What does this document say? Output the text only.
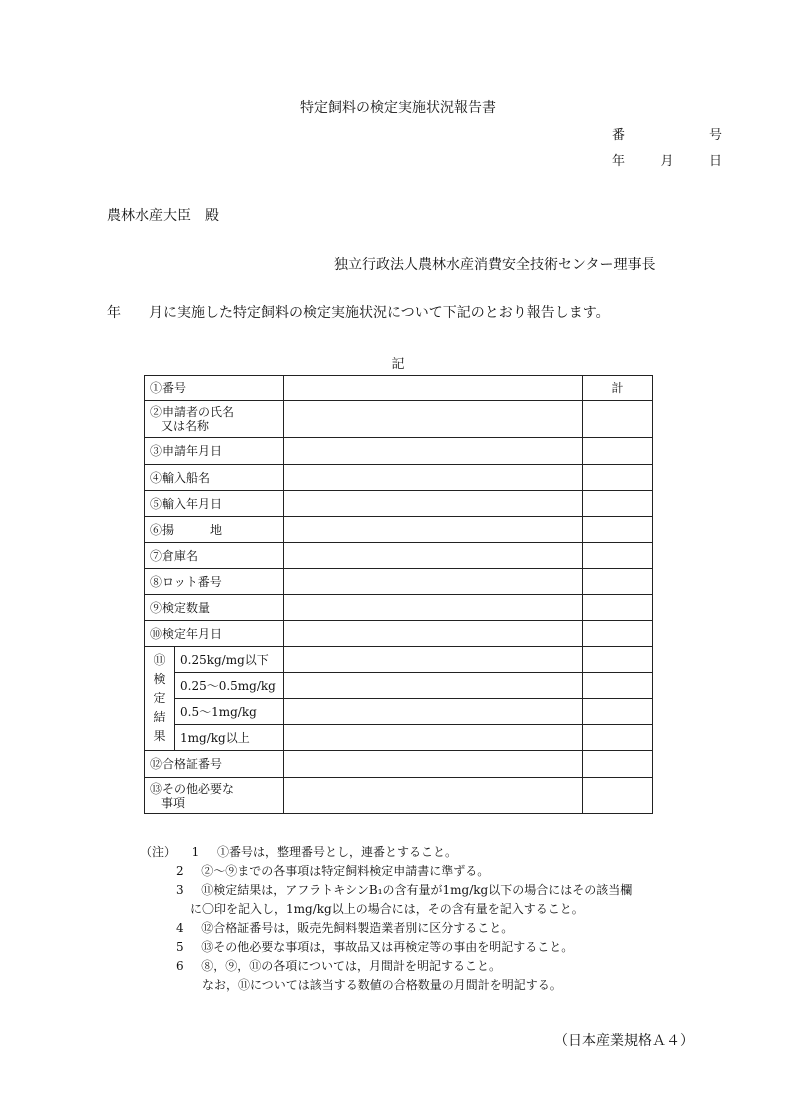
特定飼料の検定実施状況報告書
番	号
年	月	日
農林水産大臣　殿
独立行政法人農林水産消費安全技術センター理事長
年　　月に実施した特定飼料の検定実施状況について下記のとおり報告します。
記
①番号			計

②申請者の氏名
又は名称			

③申請年月日			
④輸入船名			
⑤輸入年月日			
⑥揚　　　地			
⑦倉庫名			
⑧ロット番号			
⑨検定数量			
⑩検定年月日			

⑪
検
定
結
果	0.25kg/mg以下		
	0.25～0.5mg/kg		
	0.5～1mg/kg		
	1mg/kg以上		
⑫合格証番号			

⑬その他必要な
事項			

（注） 1 ①番号は，整理番号とし，連番とすること。
2 ②～⑨までの各事項は特定飼料検定申請書に準ずる。
3 ⑪検定結果は，アフラトキシンB₁の含有量が1mg/kg以下の場合にはその該当欄
に〇印を記入し，1mg/kg以上の場合には，その含有量を記入すること。
4 ⑫合格証番号は，販売先飼料製造業者別に区分すること。
5 ⑬その他必要な事項は，事故品又は再検定等の事由を明記すること。
6 ⑧，⑨，⑪の各項については，月間計を明記すること。
なお，⑪については該当する数値の合格数量の月間計を明記する。
（日本産業規格Ａ４）
